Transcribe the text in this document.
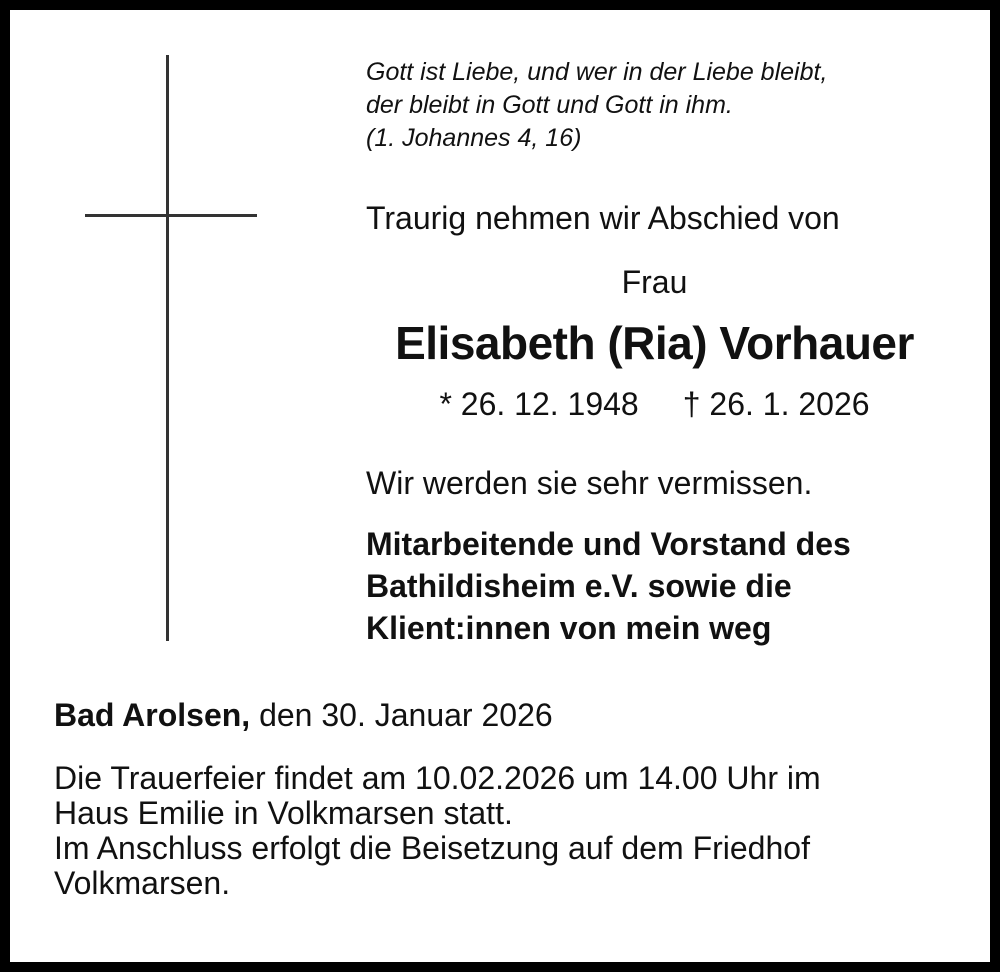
Gott ist Liebe, und wer in der Liebe bleibt,
der bleibt in Gott und Gott in ihm.
(1. Johannes 4, 16)
Traurig nehmen wir Abschied von
Frau
Elisabeth (Ria) Vorhauer
* 26. 12. 1948 † 26. 1. 2026
Wir werden sie sehr vermissen.
Mitarbeitende und Vorstand des
Bathildisheim e.V. sowie die
Klient:innen von mein weg
Bad Arolsen, den 30. Januar 2026
Die Trauerfeier findet am 10.02.2026 um 14.00 Uhr im
Haus Emilie in Volkmarsen statt.
Im Anschluss erfolgt die Beisetzung auf dem Friedhof
Volkmarsen.
